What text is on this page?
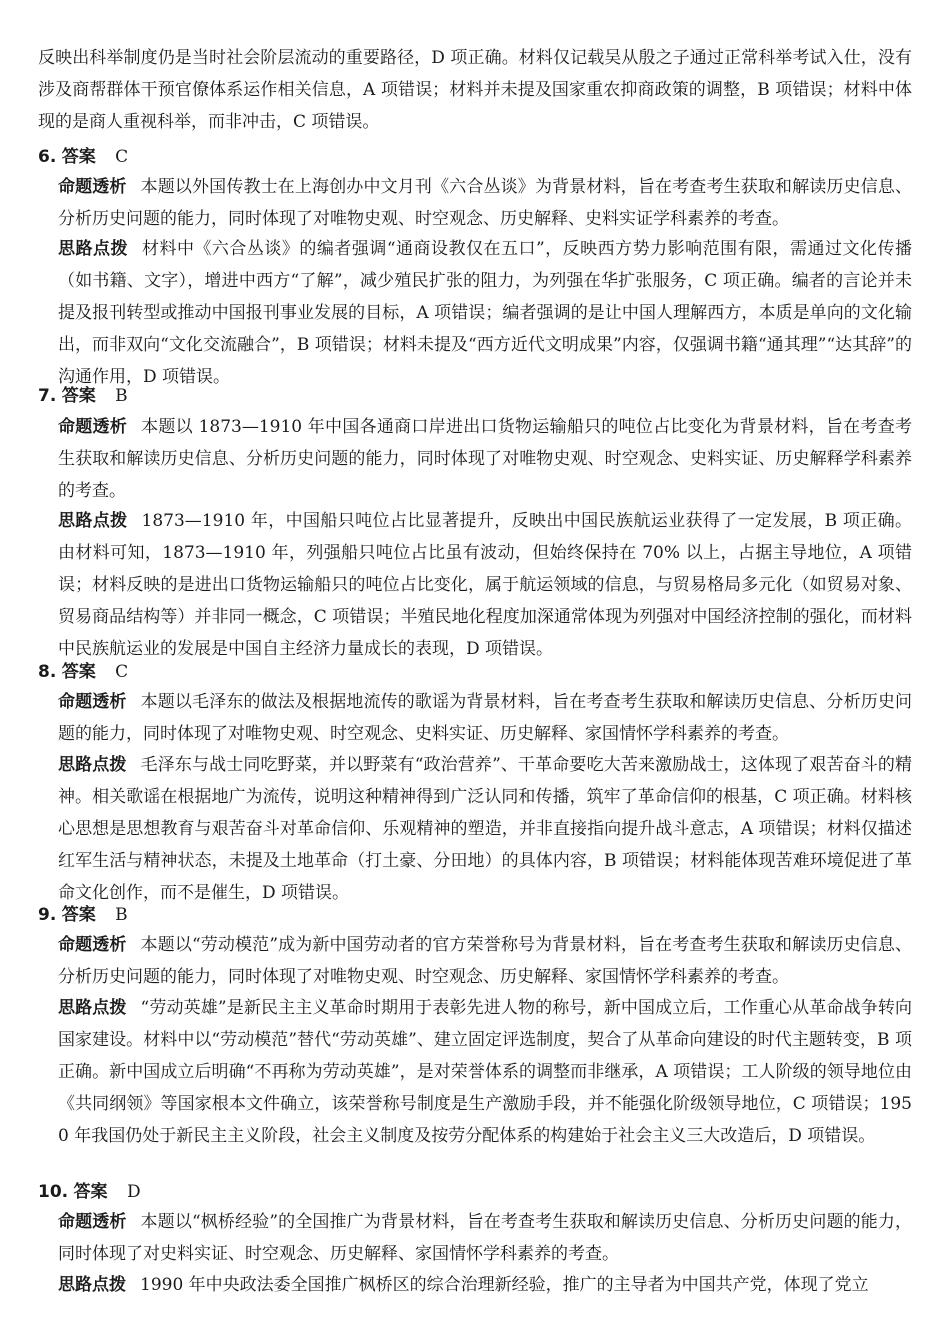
反映出科举制度仍是当时社会阶层流动的重要路径，D 项正确。材料仅记载吴从殷之子通过正常科举考试入仕，没有涉及商帮群体干预官僚体系运作相关信息，A 项错误；材料并未提及国家重农抑商政策的调整，B 项错误；材料中体现的是商人重视科举，而非冲击，C 项错误。

6. 答案 C

命题透析 本题以外国传教士在上海创办中文月刊《六合丛谈》为背景材料，旨在考查考生获取和解读历史信息、分析历史问题的能力，同时体现了对唯物史观、时空观念、历史解释、史料实证学科素养的考查。

思路点拨 材料中《六合丛谈》的编者强调“通商设教仅在五口”，反映西方势力影响范围有限，需通过文化传播（如书籍、文字），增进中西方“了解”，减少殖民扩张的阻力，为列强在华扩张服务，C 项正确。编者的言论并未提及报刊转型或推动中国报刊事业发展的目标，A 项错误；编者强调的是让中国人理解西方，本质是单向的文化输出，而非双向“文化交流融合”，B 项错误；材料未提及“西方近代文明成果”内容，仅强调书籍“通其理”“达其辞”的沟通作用，D 项错误。

7. 答案 B

命题透析 本题以 1873—1910 年中国各通商口岸进出口货物运输船只的吨位占比变化为背景材料，旨在考查考生获取和解读历史信息、分析历史问题的能力，同时体现了对唯物史观、时空观念、史料实证、历史解释学科素养的考查。

思路点拨 1873—1910 年，中国船只吨位占比显著提升，反映出中国民族航运业获得了一定发展，B 项正确。由材料可知，1873—1910 年，列强船只吨位占比虽有波动，但始终保持在 70% 以上，占据主导地位，A 项错误；材料反映的是进出口货物运输船只的吨位占比变化，属于航运领域的信息，与贸易格局多元化（如贸易对象、贸易商品结构等）并非同一概念，C 项错误；半殖民地化程度加深通常体现为列强对中国经济控制的强化，而材料中民族航运业的发展是中国自主经济力量成长的表现，D 项错误。

8. 答案 C

命题透析 本题以毛泽东的做法及根据地流传的歌谣为背景材料，旨在考查考生获取和解读历史信息、分析历史问题的能力，同时体现了对唯物史观、时空观念、史料实证、历史解释、家国情怀学科素养的考查。

思路点拨 毛泽东与战士同吃野菜，并以野菜有“政治营养”、干革命要吃大苦来激励战士，这体现了艰苦奋斗的精神。相关歌谣在根据地广为流传，说明这种精神得到广泛认同和传播，筑牢了革命信仰的根基，C 项正确。材料核心思想是思想教育与艰苦奋斗对革命信仰、乐观精神的塑造，并非直接指向提升战斗意志，A 项错误；材料仅描述红军生活与精神状态，未提及土地革命（打土豪、分田地）的具体内容，B 项错误；材料能体现苦难环境促进了革命文化创作，而不是催生，D 项错误。

9. 答案 B

命题透析 本题以“劳动模范”成为新中国劳动者的官方荣誉称号为背景材料，旨在考查考生获取和解读历史信息、分析历史问题的能力，同时体现了对唯物史观、时空观念、历史解释、家国情怀学科素养的考查。

思路点拨 “劳动英雄”是新民主主义革命时期用于表彰先进人物的称号，新中国成立后，工作重心从革命战争转向国家建设。材料中以“劳动模范”替代“劳动英雄”、建立固定评选制度，契合了从革命向建设的时代主题转变，B 项正确。新中国成立后明确“不再称为劳动英雄”，是对荣誉体系的调整而非继承，A 项错误；工人阶级的领导地位由《共同纲领》等国家根本文件确立，该荣誉称号制度是生产激励手段，并不能强化阶级领导地位，C 项错误；1950 年我国仍处于新民主主义阶段，社会主义制度及按劳分配体系的构建始于社会主义三大改造后，D 项错误。

10. 答案 D

命题透析 本题以“枫桥经验”的全国推广为背景材料，旨在考查考生获取和解读历史信息、分析历史问题的能力，同时体现了对史料实证、时空观念、历史解释、家国情怀学科素养的考查。

思路点拨 1990 年中央政法委全国推广枫桥区的综合治理新经验，推广的主导者为中国共产党，体现了党立
